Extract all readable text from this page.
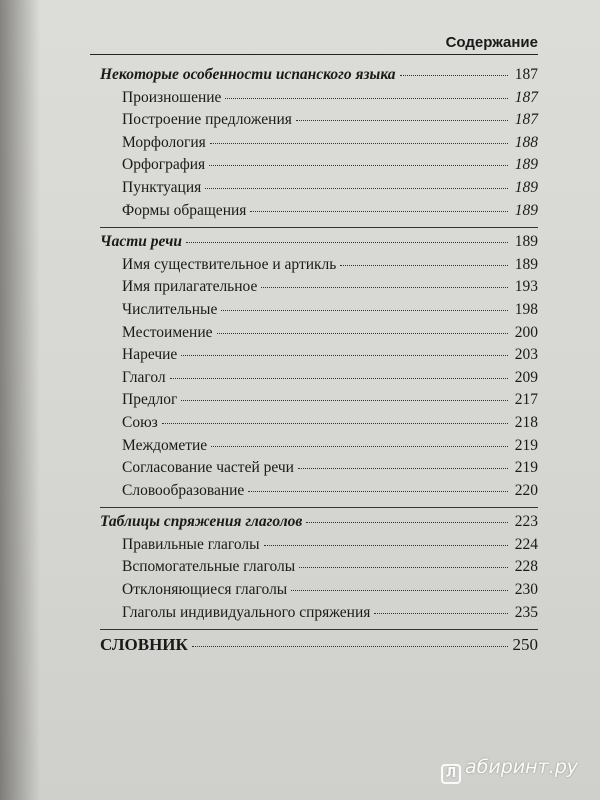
Содержание
Некоторые особенности испанского языка	187
Произношение	187
Построение предложения	187
Морфология	188
Орфография	189
Пунктуация	189
Формы обращения	189
Части речи	189
Имя существительное и артикль	189
Имя прилагательное	193
Числительные	198
Местоимение	200
Наречие	203
Глагол	209
Предлог	217
Союз	218
Междометие	219
Согласование частей речи	219
Словообразование	220
Таблицы спряжения глаголов	223
Правильные глаголы	224
Вспомогательные глаголы	228
Отклоняющиеся глаголы	230
Глаголы индивидуального спряжения	235
СЛОВНИК	250
Л абиринт.ру
